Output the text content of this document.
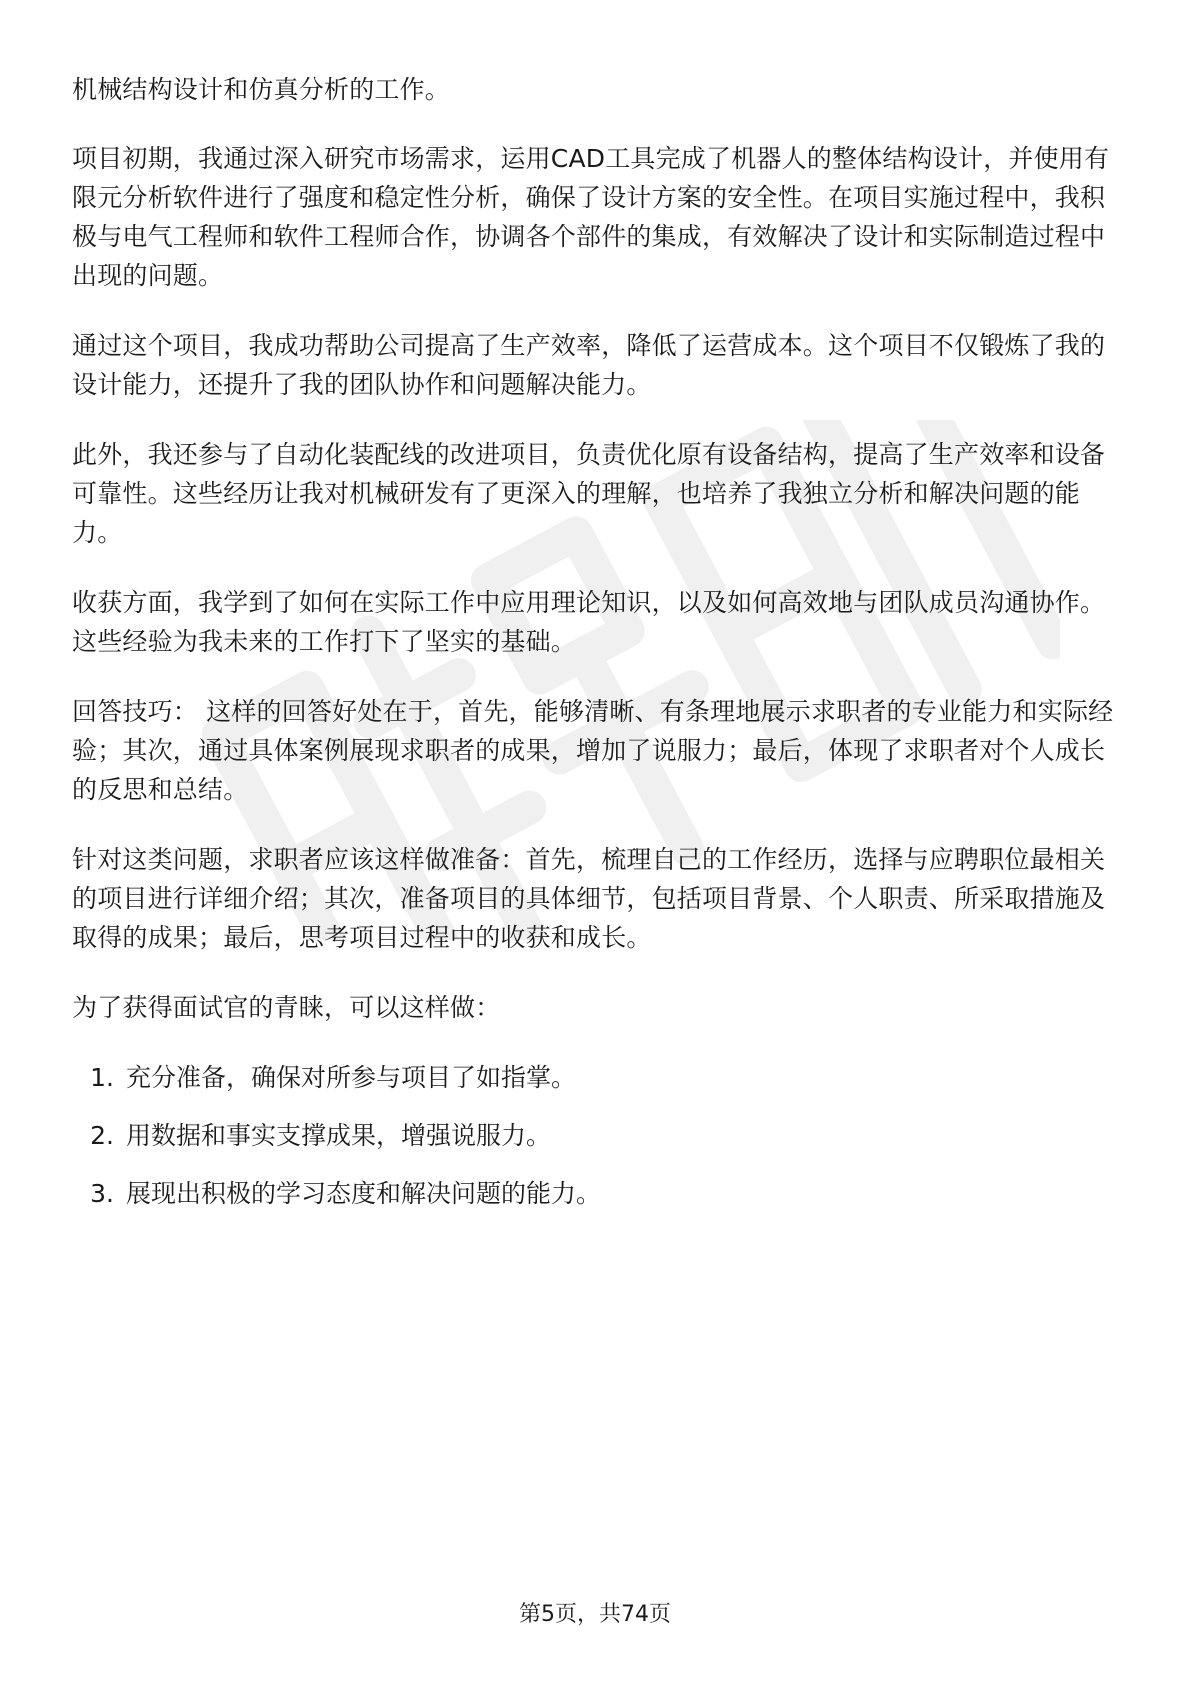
机械结构设计和仿真分析的工作。

项目初期，我通过深入研究市场需求，运用CAD工具完成了机器人的整体结构设计，并使用有限元分析软件进行了强度和稳定性分析，确保了设计方案的安全性。在项目实施过程中，我积极与电气工程师和软件工程师合作，协调各个部件的集成，有效解决了设计和实际制造过程中出现的问题。

通过这个项目，我成功帮助公司提高了生产效率，降低了运营成本。这个项目不仅锻炼了我的设计能力，还提升了我的团队协作和问题解决能力。

此外，我还参与了自动化装配线的改进项目，负责优化原有设备结构，提高了生产效率和设备可靠性。这些经历让我对机械研发有了更深入的理解，也培养了我独立分析和解决问题的能力。

收获方面，我学到了如何在实际工作中应用理论知识，以及如何高效地与团队成员沟通协作。这些经验为我未来的工作打下了坚实的基础。

回答技巧： 这样的回答好处在于，首先，能够清晰、有条理地展示求职者的专业能力和实际经验；其次，通过具体案例展现求职者的成果，增加了说服力；最后，体现了求职者对个人成长的反思和总结。

针对这类问题，求职者应该这样做准备：首先，梳理自己的工作经历，选择与应聘职位最相关的项目进行详细介绍；其次，准备项目的具体细节，包括项目背景、个人职责、所采取措施及取得的成果；最后，思考项目过程中的收获和成长。

为了获得面试官的青睐，可以这样做：

1. 充分准备，确保对所参与项目了如指掌。
2. 用数据和事实支撑成果，增强说服力。
3. 展现出积极的学习态度和解决问题的能力。
第5页，共74页
